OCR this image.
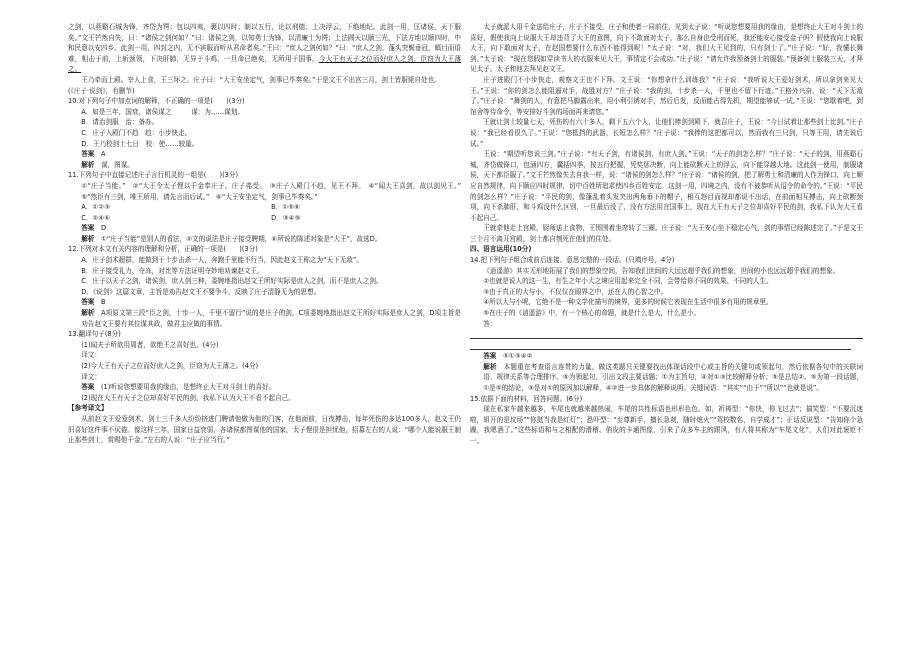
之剑，以燕谿石城为锋，齐岱为锷；包以四夷，裹以四时；制以五行，论以刑德；上决浮云，下绝地纪。此剑一用，匡诸侯，天下服矣。”文王芒然自失，曰：“诸侯之剑何如？”曰：诸侯之剑，以知勇士为锋，以清廉士为锷；上法圆天以顺三光，下法方地以顺四时，中和民意以安四乡。此剑一用，四封之内，无不宾服而听从君命者矣。”王曰：“庶人之剑何如？”曰：“庶人之剑，蓬头突鬓垂冠，瞋目而语难，相击于前，上斩颈领，下决肝肺，无异于斗鸡，一旦命已绝矣，无所用于国事。今大王有天子之位而好庶人之剑，臣窃为大王薄之。

王乃牵而上殿。宰人上食，王三环之。庄子曰：“大王安坐定气，剑事已毕奏矣。”于是文王不出宫三月，剑士皆服毙自处也。

(《庄子·说剑》，有删节)

10.对下列句子中加点词的解释，不正确的一项是(　　)(3分)

A．如是三年，国衰，诸侯谋之　　　谋：为……谋划。

B．请治剑服　治：备办。

C．庄子入殿门不趋　趋：小步快走。

D．王乃校剑士七日　校：使……较量。

答案　 A

解析　 谋，图谋。

11.下列句子中直接记述庄子言行机灵的一组是(　　)(3分)

①“庄子当能。”　②“大王令太子悝以千金奉庄子。庄子弗受。　③庄子入殿门不趋，见王不拜。　④“闻大王喜剑，故以剑见王。”　⑤“然臣有三剑，唯王所用，请先言而后试。”　⑥“大王安坐定气，剑事已毕奏矣。”

A．①②③	B．①⑤⑥
C．②④⑥	D．③④⑤

答案　 D

解析　 ①“庄子当能”是别人的看法，②文的说法是庄子接受聘期，⑥所说的陈述对象是“大王”，故选D。

12.下列对本文有关内容的理解和分析，正确的一项是(　　)(3分)

A．庄子剑术超群，能做到于十步击杀一人，奔跑千里能不行当，因此赵文王称之为“天下无敌”。

B．庄子接受礼力，夺冻，对比等方法证明夺妙地劝谏赵文王。

C．庄子以天子之剑，诸侯剑，庶人剑三种，委婉地指出赵文王所好实际是庶人之剑，而不是庶人之剑。

D．《说剑》这篇文章，主旨是劝告赵文王不要争斗，反映了庄子清静无为的思想。

答案　 B

解析　 A项原文第三段“臣之剑，十步一人，千里不留行”说的是庄子的剑，C项委婉地指出赵文王所好实际是庶人之剑，D项主旨是劝告赵文王要有其位谋其政，做君主应做的事情。

13.翻译句子(8分)

(1)闻夫子所欲用周者，欲绝王之喜好也。(4分)

译文：

(2)今大王有天子之位而好庶人之剑，臣窃为大王薄之。(4分)

译文：

答案　 (1)听说您想要用我的缘由，是想终止大王对斗剑士的喜好。

(2)现在大王有天子之位却喜好平民的剑，我私下认为大王不看不起自己。

【参考译文】

从前赵文王爱爱剑术，剑士三千多人纷纷挤进门聘请他做为他的门客，在他面前，日夜搏击，每年死伤的多达100多人，赵文王仍旧喜好这件事不厌倦。像这样三年，国家日益衰弱，各诸侯都图谋他的国家，太子悝很是担忧他，招募左右的人说：“哪个人能说服王制止那些剑士，赏赐他千金。”左右的人说：“庄子应当行。”

太子就派人用千金送给庄子，庄子不接受，庄子和使者一同前往，见到太子说：“听说您想要用我的缘由，是想终止大王对斗剑士的喜好，假使我向上说服大王却违背了大王的意图，向下不敢面对太子，那么自身也受刑而死，我还能安心接受金子吗？假使我向上说服大王，向下敢面对太子，在赵国想要什么东西不能得到呢！”太子说：“对，我们大王见到的，只有剑士了。”庄子说：“好，我懂长舞剑。”太子说：“现在您假如穿读书人的衣服来见大王，事情定不会成功。”庄子说：“请允许我预备剑士的服装。”预备剑士服装三天，才拜见太子。太子和他去拜见赵文王。

庄子进殿门不小步快走，观察文王也不下拜。文王说：“你想拿什么训练我？”庄子说：“我听说大王爱好剑术，所以拿剑来见大王。”王说：“你的剑怎么能阻遏对手，战胜对方？”庄子说：“我的剑，十步杀一人，千里也不留下行迹。”王格外兴奋，说：“天下无敌了。”庄子说：“舞剑的人，有意把马脚露出来，用小利引诱对手，然后后发，反而能占得先机，期望能够试一试。”王说：“您歇着吧，到馆舍等待命令，等安排好斗剑的场面再来请您。”

王就让剑士较量七天，死伤的有六十多人，剩下五六个人，让他们捧剑到殿下，就召庄子，王说：“今日试着让那些剑士比剑。”庄子说：“我已经看很久了。”王说：“您抵挡的武器，长短怎么样？”庄子说：“我捧的这把都可以，然而我有三只剑，只等王用，请先说后试。”

王说：“期望听您说三剑。”庄子说：“有天子剑，有诸侯剑，有庶人剑。”王说：“天子的剑怎么样？”庄子说：“天子的剑，用燕谿石城，齐岱做锋口，包涵四方，囊括四季，按五行把握，凭奖惩决断，向上能砍断天上的浮云，向下能穿越大地。这此剑一使用，制服诸侯，天下都臣服了。”文王芒然像失去自我一样，说：“诸侯的剑怎么样？”庄子说：“诸侯的剑，把了解勇士和清廉的人作为锋口，向上顺应自然规律，向下顺应四时规律，切中百姓所追求使四乡百姓安定。这剑一用，四境之内，没有不被恭听从诏令的命令的。”王说：“平民的剑怎么样？”庄子说：“平民的剑，像蓬乱着头发突出两角垂下的帽子，相互怒目而视却都说不出话，在前面相互搏击，向上砍断颈项，向下杀肺肝，和斗鸡没什么区别，一旦最后没了，没有方法用在国事上，现在大王有天子之位却喜好平民的剑，我私下认为大王看不起自己。

王就牵他走上宫殿，厨师送上食物，王围围着坐席转了三圈。庄子说：“大王安心坐下稳定心气，剑的事情已经陈述完了。”于是文王三个月不离开宫殿，剑士都自刎死在他们的住处。

四、语言运用(10分)

14.把下列句子组合成前后连接、意思完整的一段话。(只填序号，4分)

《逍遥游》其实无形地拓展了我们的想象空间，告知我们世间的大远远超乎我们的想象，世间的小也远远超乎我们的想象。

②也就是说人的这一生，有生之年小大之境应用起来完全不同，会带给你不同的效果、不同的人生。

③由于真正的大与小，不仅仅在眼界之中，还在人的心智之中。

④所以大与小呢，它绝不是一种文学化描写的境界，更多的时候它表现在生活中很多有用的规章里。

⑤在庄子的《逍遥游》中，有一个核心的命题，就是什么是大，什么是小。

答：

答案　 ⑤①③④②

解析　 本题重在考查语言连贯的力量，做这类题只关键要找出体现话段中心或主旨的关键句或领起句，然后依据各句中的关联词语、规律关系等合理排序。⑤为领起句，引出文段主要话题；①为主旨句，④对①③比较解释分析；⑤是总结②。⑤为第一段话题，①是⑤的结论，③是对①的原因加以解释，④②进一步具体的解释说明。关键词语：“其实”“由于”“所以”“也就是说”。

15.依据下面的材料，回答问题。(6分)

现在私家车越来越多，车尾也就越来越热闹，车尾的共性标语也形形色色。如，祈祷型：“你快，你飞过去”；搞笑型：“不要沉迷啦，姐开的是坟场”“你挺当我是红灯”；恐吓型：“至尊新手，擅长急刹，随时熄火”“驾校数名，自学成才”；正话反说型：“告知你个急躁，我嗯酒了。”这些标语和与之相配的滑稽、俏皮的卡通图像，引来了众多车主的跟风，有人将其称为“车尾文化”，人们对此褒贬不一。
